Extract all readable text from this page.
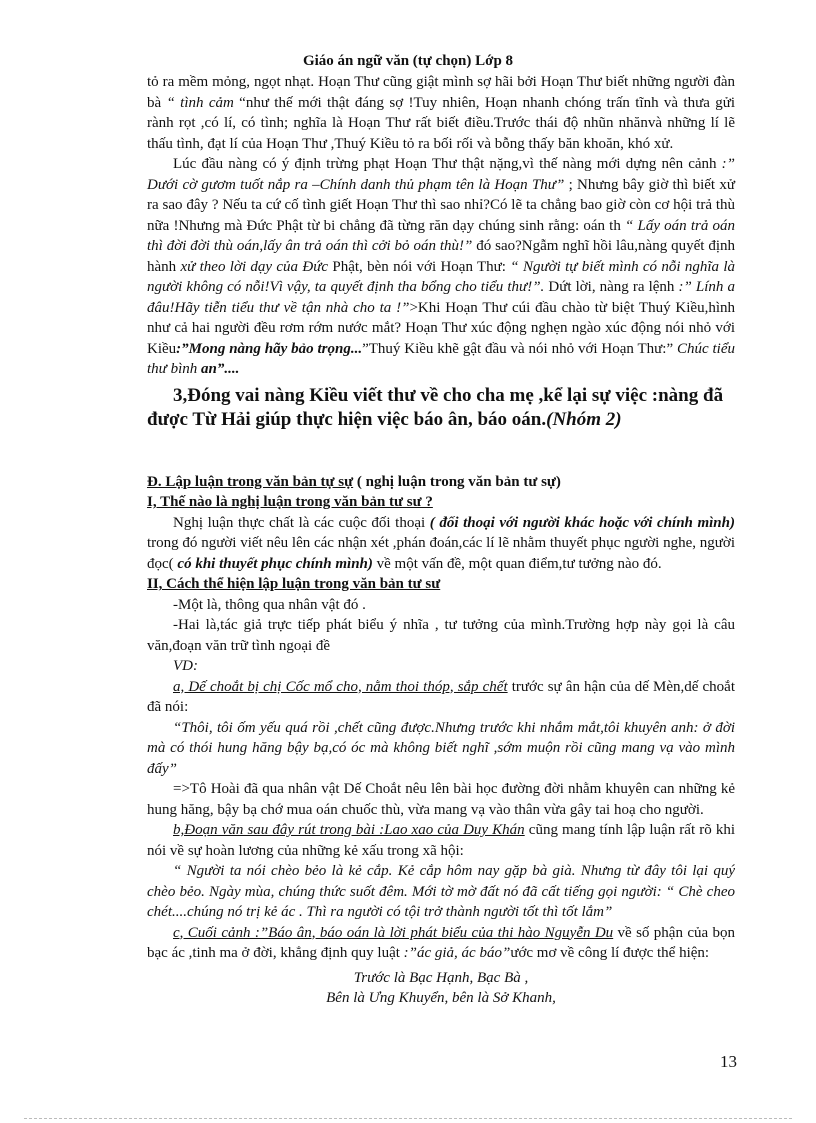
Giáo án ngữ văn (tự chọn) Lớp 8

tỏ ra mềm mỏng, ngọt nhạt. Hoạn Thư cũng giật mình sợ hãi bởi Hoạn Thư biết những người đàn bà “ tình cảm “như thế mới thật đáng sợ !Tuy nhiên, Hoạn nhanh chóng trấn tĩnh và thưa gửi rành rọt ,có lí, có tình; nghĩa là Hoạn Thư rất biết điều.Trước thái độ nhũn nhănvà những lí lẽ thấu tình, đạt lí của Hoạn Thư ,Thuý Kiều tỏ ra bối rối và bỗng thấy băn khoăn, khó xử.

Lúc đầu nàng có ý định trừng phạt Hoạn Thư thật nặng,vì thế nàng mới dựng nên cảnh :” Dưới cờ gươm tuốt nắp ra –Chính danh thủ phạm tên là Hoạn Thư” ; Nhưng bây giờ thì biết xử ra sao đây ? Nếu ta cứ cố tình giết Hoạn Thư thì sao nhỉ?Có lẽ ta chẳng bao giờ còn cơ hội trả thù nữa !Nhưng mà Đức Phật từ bi chẳng đã từng răn dạy chúng sinh rằng: oán th “ Lấy oán trả oán thì đời đời thù oán,lấy ân trả oán thì cởi bỏ oán thù!” đó sao?Ngẫm nghĩ hồi lâu,nàng quyết định hành xử theo lời dạy của Đức Phật, bèn nói với Hoạn Thư: “ Người tự biết mình có nỗi nghĩa là người không có nỗi!Vì vậy, ta quyết định tha bổng cho tiểu thư!”. Dứt lời, nàng ra lệnh :” Lính a đâu!Hãy tiễn tiểu thư về tận nhà cho ta !”>Khi Hoạn Thư cúi đầu chào từ biệt Thuý Kiều,hình như cả hai người đều rơm rớm nước mắt? Hoạn Thư xúc động nghẹn ngào xúc động nói nhỏ với Kiều:”Mong nàng hãy bảo trọng...”Thuý Kiều khẽ gật đầu và nói nhỏ với Hoạn Thư:” Chúc tiểu thư bình an”....

3,Đóng vai nàng Kiều viết thư về cho cha mẹ ,kể lại sự việc :nàng đã được Từ Hải giúp thực hiện việc báo ân, báo oán.(Nhóm 2)

Đ. Lập luận trong văn bản tự sự ( nghị luận trong văn bản tư sự)

I, Thế nào là nghị luận trong văn bản tư sư ?

Nghị luận thực chất là các cuộc đối thoại ( đối thoại với người khác hoặc với chính mình) trong đó người viết nêu lên các nhận xét ,phán đoán,các lí lẽ nhằm thuyết phục người nghe, người đọc( có khi thuyết phục chính mình) về một vấn đề, một quan điểm,tư tưởng nào đó.

II, Cách thể hiện lập luận trong văn bản tư sư

-Một là, thông qua nhân vật đó .

-Hai là,tác giả trực tiếp phát biểu ý nhĩa , tư tưởng của mình.Trường hợp này gọi là câu văn,đoạn văn trữ tình ngoại đề

VD:

a, Dế choắt bị chị Cốc mổ cho, nằm thoi thóp, sắp chết trước sự ân hận của dế Mèn,dế choắt đã nói:

“Thôi, tôi ốm yếu quá rồi ,chết cũng được.Nhưng trước khi nhắm mắt,tôi khuyên anh: ở đời mà có thói hung hăng bậy bạ,có óc mà không biết nghĩ ,sớm muộn rồi cũng mang vạ vào mình đấy”

=>Tô Hoài đã qua nhân vật Dế Choắt nêu lên bài học đường đời nhằm khuyên can những kẻ hung hăng, bậy bạ chớ mua oán chuốc thù, vừa mang vạ vào thân vừa gây tai hoạ cho người.

b,Đoạn văn sau đây rút trong bài :Lao xao của Duy Khán cũng mang tính lập luận rất rõ khi nói về sự hoàn lương của những kẻ xấu trong xã hội:

“ Người ta nói chèo bẻo là kẻ cắp. Kẻ cắp hôm nay gặp bà già. Nhưng từ đây tôi lại quý chèo bẻo. Ngày mùa, chúng thức suốt đêm. Mới tờ mờ đất nó đã cất tiếng gọi người: “ Chè cheo chét....chúng nó trị kẻ ác . Thì ra người có tội trở thành người tốt thì tốt lắm”

c, Cuối cảnh :”Báo ân, báo oán là lời phát biểu của thi hào Nguyễn Du về số phận của bọn bạc ác ,tinh ma ở đời, khẳng định quy luật :”ác giả, ác báo”ước mơ về công lí được thể hiện:

Trước là Bạc Hạnh, Bạc Bà ,

Bên là Ưng Khuyển, bên là Sở Khanh,

13
